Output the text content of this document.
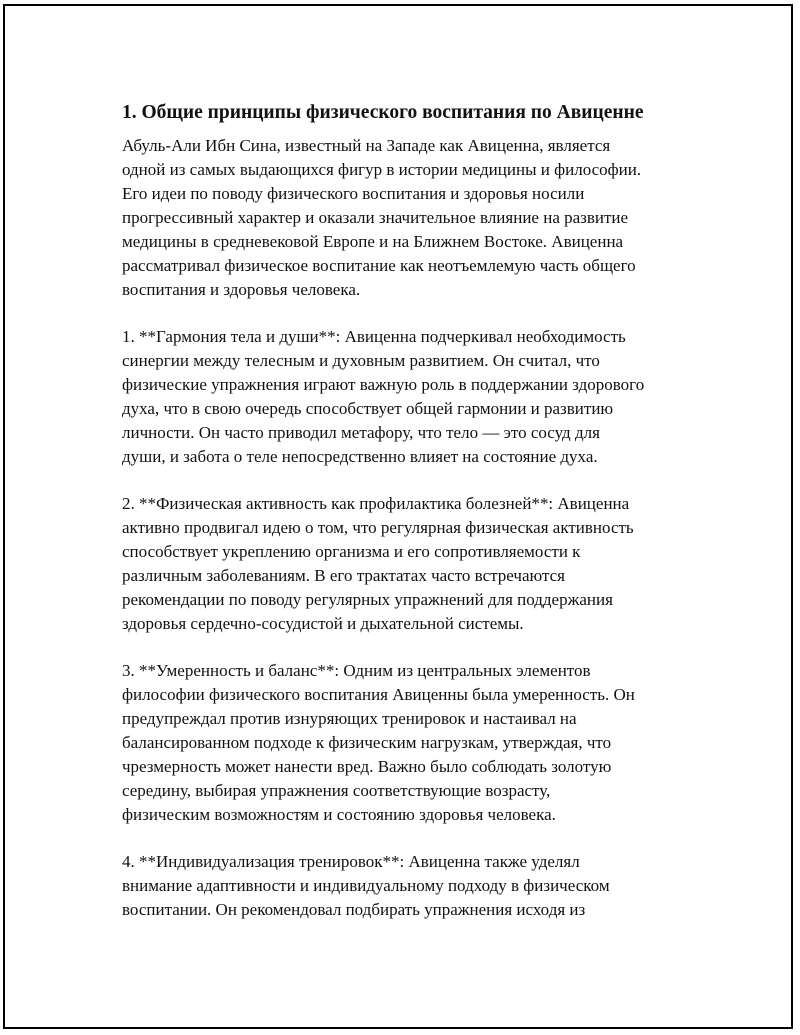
1. Общие принципы физического воспитания по Авиценне

Абуль-Али Ибн Сина, известный на Западе как Авиценна, является
одной из самых выдающихся фигур в истории медицины и философии.
Его идеи по поводу физического воспитания и здоровья носили
прогрессивный характер и оказали значительное влияние на развитие
медицины в средневековой Европе и на Ближнем Востоке. Авиценна
рассматривал физическое воспитание как неотъемлемую часть общего
воспитания и здоровья человека.

1. **Гармония тела и души**: Авиценна подчеркивал необходимость
синергии между телесным и духовным развитием. Он считал, что
физические упражнения играют важную роль в поддержании здорового
духа, что в свою очередь способствует общей гармонии и развитию
личности. Он часто приводил метафору, что тело — это сосуд для
души, и забота о теле непосредственно влияет на состояние духа.

2. **Физическая активность как профилактика болезней**: Авиценна
активно продвигал идею о том, что регулярная физическая активность
способствует укреплению организма и его сопротивляемости к
различным заболеваниям. В его трактатах часто встречаются
рекомендации по поводу регулярных упражнений для поддержания
здоровья сердечно-сосудистой и дыхательной системы.

3. **Умеренность и баланс**: Одним из центральных элементов
философии физического воспитания Авиценны была умеренность. Он
предупреждал против изнуряющих тренировок и настаивал на
балансированном подходе к физическим нагрузкам, утверждая, что
чрезмерность может нанести вред. Важно было соблюдать золотую
середину, выбирая упражнения соответствующие возрасту,
физическим возможностям и состоянию здоровья человека.

4. **Индивидуализация тренировок**: Авиценна также уделял
внимание адаптивности и индивидуальному подходу в физическом
воспитании. Он рекомендовал подбирать упражнения исходя из
